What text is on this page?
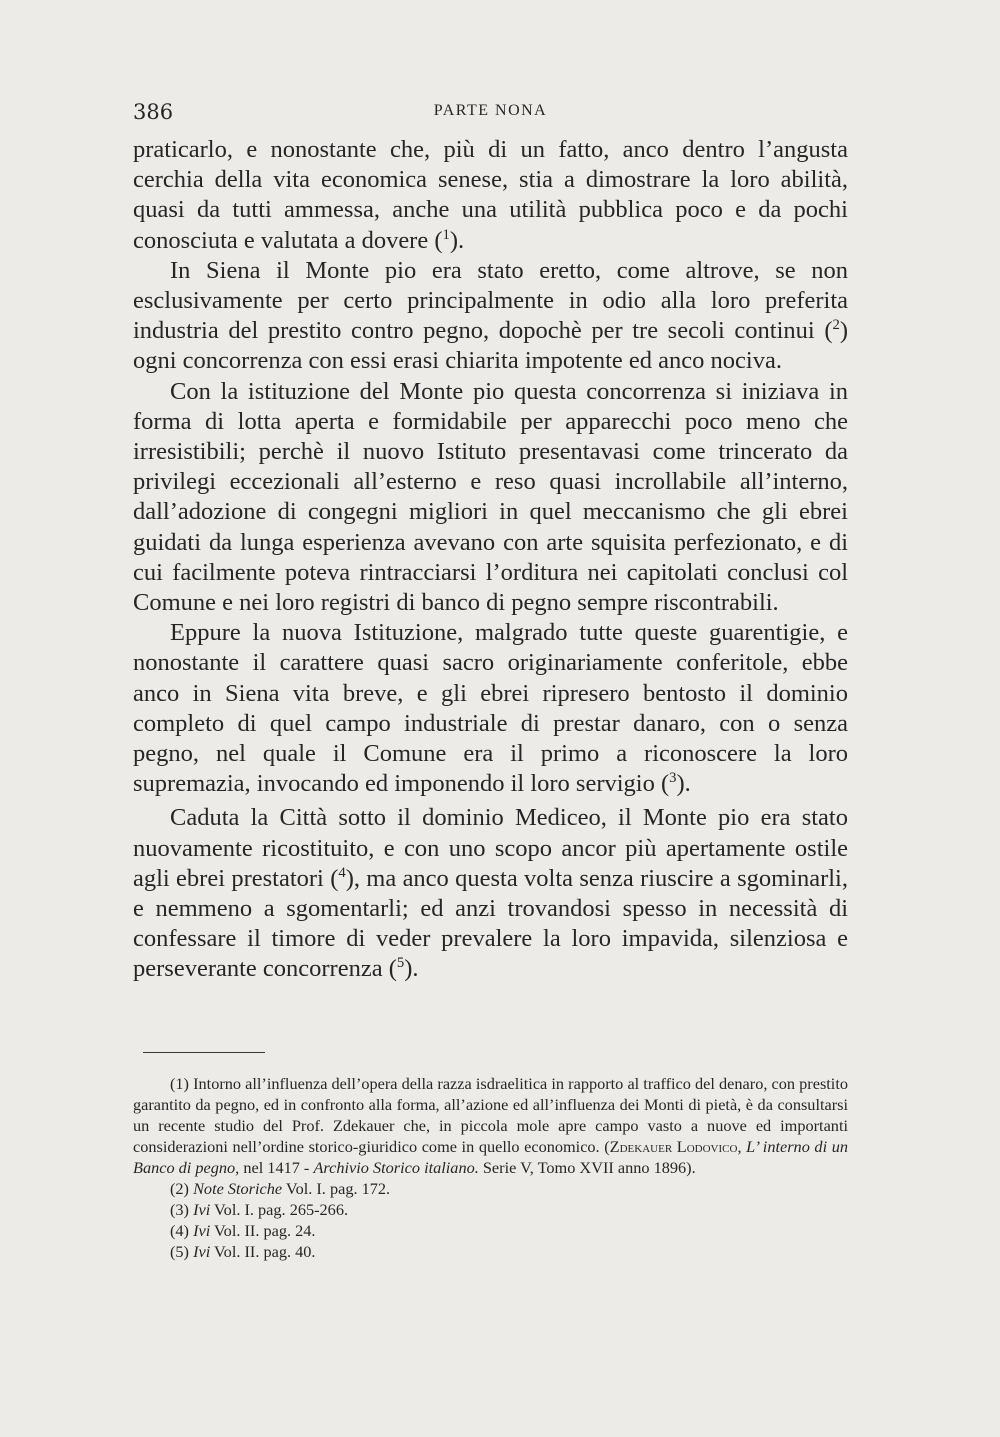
386	PARTE NONA

praticarlo, e nonostante che, più di un fatto, anco dentro l’angusta cerchia della vita economica senese, stia a dimostrare la loro abilità, quasi da tutti ammessa, anche una utilità pubblica poco e da pochi conosciuta e valutata a dovere ($^1$).

In Siena il Monte pio era stato eretto, come altrove, se non esclusivamente per certo principalmente in odio alla loro preferita industria del prestito contro pegno, dopochè per tre secoli continui ($^2$) ogni concorrenza con essi erasi chiarita impotente ed anco nociva.

Con la istituzione del Monte pio questa concorrenza si iniziava in forma di lotta aperta e formidabile per apparecchi poco meno che irresistibili; perchè il nuovo Istituto presentavasi come trincerato da privilegi eccezionali all’esterno e reso quasi incrollabile all’interno, dall’adozione di congegni migliori in quel meccanismo che gli ebrei guidati da lunga esperienza avevano con arte squisita perfezionato, e di cui facilmente poteva rintracciarsi l’orditura nei capitolati conclusi col Comune e nei loro registri di banco di pegno sempre riscontrabili.

Eppure la nuova Istituzione, malgrado tutte queste guarentigie, e nonostante il carattere quasi sacro originariamente conferitole, ebbe anco in Siena vita breve, e gli ebrei ripresero bentosto il dominio completo di quel campo industriale di prestar danaro, con o senza pegno, nel quale il Comune era il primo a riconoscere la loro supremazia, invocando ed imponendo il loro servigio ($^3$).

Caduta la Città sotto il dominio Mediceo, il Monte pio era stato nuovamente ricostituito, e con uno scopo ancor più apertamente ostile agli ebrei prestatori ($^4$), ma anco questa volta senza riuscire a sgominarli, e nemmeno a sgomentarli; ed anzi trovandosi spesso in necessità di confessare il timore di veder prevalere la loro impavida, silenziosa e perseverante concorrenza ($^5$).

(1) Intorno all’influenza dell’opera della razza isdraelitica in rapporto al traffico del denaro, con prestito garantito da pegno, ed in confronto alla forma, all’azione ed all’influenza dei Monti di pietà, è da consultarsi un recente studio del Prof. Zdekauer che, in piccola mole apre campo vasto a nuove ed importanti considerazioni nell’ordine storico-giuridico come in quello economico. (Zdekauer Lodovico, L’ interno di un Banco di pegno, nel 1417 - Archivio Storico italiano. Serie V, Tomo XVII anno 1896).

(2) Note Storiche Vol. I. pag. 172.

(3) Ivi Vol. I. pag. 265-266.

(4) Ivi Vol. II. pag. 24.

(5) Ivi Vol. II. pag. 40.
